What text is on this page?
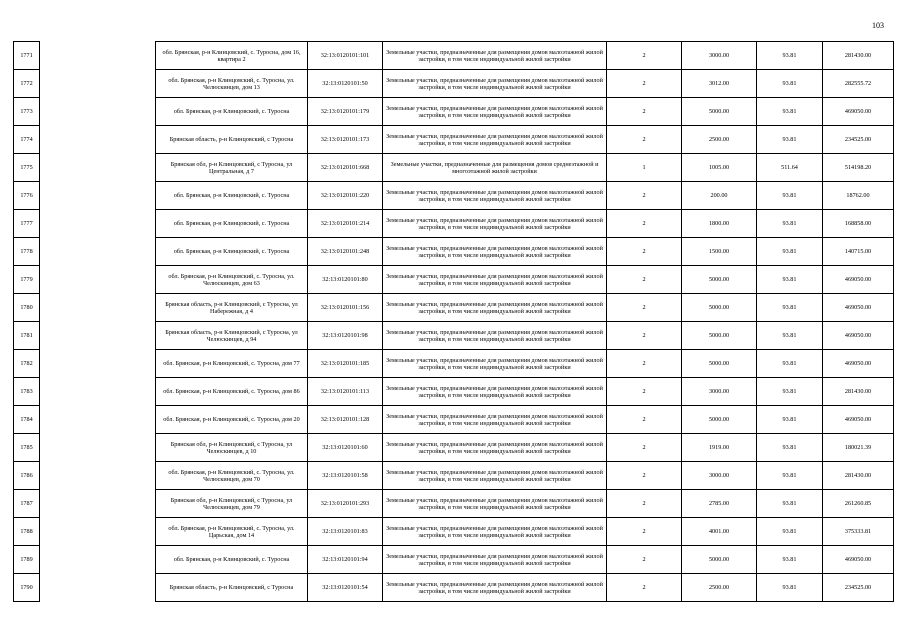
103
1771		обл. Брянская, р-н Клинцовский, с. Туросна, дом 16, квартира 2	32:13:0120101:101	Земельные участки, предназначенные для размещения домов малоэтажной жилой застройки, в том числе индивидуальной жилой застройки	2	3000.00	93.81	281430.00
1772		обл. Брянская, р-н Клинцовский, с. Туросна, ул. Челюскинцев, дом 13	32:13:0120101:50	Земельные участки, предназначенные для размещения домов малоэтажной жилой застройки, в том числе индивидуальной жилой застройки	2	3012.00	93.81	282555.72
1773		обл. Брянская, р-н Клинцовский, с. Туросна	32:13:0120101:179	Земельные участки, предназначенные для размещения домов малоэтажной жилой застройки, в том числе индивидуальной жилой застройки	2	5000.00	93.81	469050.00
1774		Брянская область, р-н Клинцовский, с Туросна	32:13:0120101:173	Земельные участки, предназначенные для размещения домов малоэтажной жилой застройки, в том числе индивидуальной жилой застройки	2	2500.00	93.81	234525.00
1775		Брянская обл, р-н Клинцовский, с Туросна, ул Центральная, д 7	32:13:0120101:668	Земельные участки, предназначенные для размещения домов среднеэтажной и многоэтажной жилой застройки	1	1005.00	511.64	514198.20
1776		обл. Брянская, р-н Клинцовский, с. Туросна	32:13:0120101:220	Земельные участки, предназначенные для размещения домов малоэтажной жилой застройки, в том числе индивидуальной жилой застройки	2	200.00	93.81	18762.00
1777		обл. Брянская, р-н Клинцовский, с. Туросна	32:13:0120101:214	Земельные участки, предназначенные для размещения домов малоэтажной жилой застройки, в том числе индивидуальной жилой застройки	2	1800.00	93.81	168858.00
1778		обл. Брянская, р-н Клинцовский, с. Туросна	32:13:0120101:248	Земельные участки, предназначенные для размещения домов малоэтажной жилой застройки, в том числе индивидуальной жилой застройки	2	1500.00	93.81	140715.00
1779		обл. Брянская, р-н Клинцовский, с. Туросна, ул. Челюскинцев, дом 63	32:13:0120101:80	Земельные участки, предназначенные для размещения домов малоэтажной жилой застройки, в том числе индивидуальной жилой застройки	2	5000.00	93.81	469050.00
1780		Брянская область, р-н Клинцовский, с Туросна, ул Набережная, д 4	32:13:0120101:156	Земельные участки, предназначенные для размещения домов малоэтажной жилой застройки, в том числе индивидуальной жилой застройки	2	5000.00	93.81	469050.00
1781		Брянская область, р-н Клинцовский, с Туросна, ул Челюскинцев, д 94	32:13:0120101:98	Земельные участки, предназначенные для размещения домов малоэтажной жилой застройки, в том числе индивидуальной жилой застройки	2	5000.00	93.81	469050.00
1782		обл. Брянская, р-н Клинцовский, с. Туросна, дом 77	32:13:0120101:185	Земельные участки, предназначенные для размещения домов малоэтажной жилой застройки, в том числе индивидуальной жилой застройки	2	5000.00	93.81	469050.00
1783		обл. Брянская, р-н Клинцовский, с. Туросна, дом 86	32:13:0120101:113	Земельные участки, предназначенные для размещения домов малоэтажной жилой застройки, в том числе индивидуальной жилой застройки	2	3000.00	93.81	281430.00
1784		обл. Брянская, р-н Клинцовский, с. Туросна, дом 20	32:13:0120101:128	Земельные участки, предназначенные для размещения домов малоэтажной жилой застройки, в том числе индивидуальной жилой застройки	2	5000.00	93.81	469050.00
1785		Брянская обл, р-н Клинцовский, с Туросна, ул Челюскинцев, д 10	32:13:0120101:60	Земельные участки, предназначенные для размещения домов малоэтажной жилой застройки, в том числе индивидуальной жилой застройки	2	1919.00	93.81	180021.39
1786		обл. Брянская, р-н Клинцовский, с. Туросна, ул. Челюскинцев, дом 70	32:13:0120101:58	Земельные участки, предназначенные для размещения домов малоэтажной жилой застройки, в том числе индивидуальной жилой застройки	2	3000.00	93.81	281430.00
1787		Брянская обл, р-н Клинцовский, с Туросна, ул Челюскинцев, дом 79	32:13:0120101:293	Земельные участки, предназначенные для размещения домов малоэтажной жилой застройки, в том числе индивидуальной жилой застройки	2	2785.00	93.81	261260.85
1788		обл. Брянская, р-н Клинцовский, с. Туросна, ул. Царьская, дом 14	32:13:0120101:83	Земельные участки, предназначенные для размещения домов малоэтажной жилой застройки, в том числе индивидуальной жилой застройки	2	4001.00	93.81	375333.81
1789		обл. Брянская, р-н Клинцовский, с. Туросна	32:13:0120101:94	Земельные участки, предназначенные для размещения домов малоэтажной жилой застройки, в том числе индивидуальной жилой застройки	2	5000.00	93.81	469050.00
1790		Брянская область, р-н Клинцовский, с Туросна	32:13:0120101:54	Земельные участки, предназначенные для размещения домов малоэтажной жилой застройки, в том числе индивидуальной жилой застройки	2	2500.00	93.81	234525.00
